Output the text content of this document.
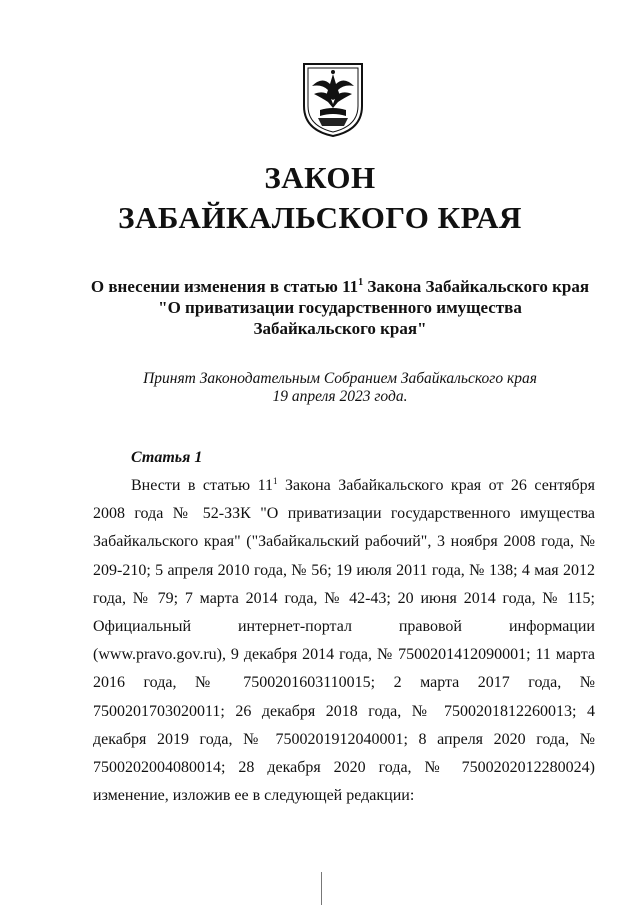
ЗАКОН
ЗАБАЙКАЛЬСКОГО КРАЯ
О внесении изменения в статью $11^1$ Закона Забайкальского края
"О приватизации государственного имущества
Забайкальского края"
Принят Законодательным Собранием Забайкальского края
19 апреля 2023 года.
Статья 1
Внести в статью $11^1$ Закона Забайкальского края от 26 сентября 2008 года № 52-ЗЗК "О приватизации государственного имущества Забайкальского края" ("Забайкальский рабочий", 3 ноября 2008 года, № 209-210; 5 апреля 2010 года, № 56; 19 июля 2011 года, № 138; 4 мая 2012 года, № 79; 7 марта 2014 года, № 42-43; 20 июня 2014 года, № 115; Официальный интернет-портал правовой информации (www.pravo.gov.ru), 9 декабря 2014 года, № 7500201412090001; 11 марта 2016 года, № 7500201603110015; 2 марта 2017 года, № 7500201703020011; 26 декабря 2018 года, № 7500201812260013; 4 декабря 2019 года, № 7500201912040001; 8 апреля 2020 года, № 7500202004080014; 28 декабря 2020 года, № 7500202012280024) изменение, изложив ее в следующей редакции:
